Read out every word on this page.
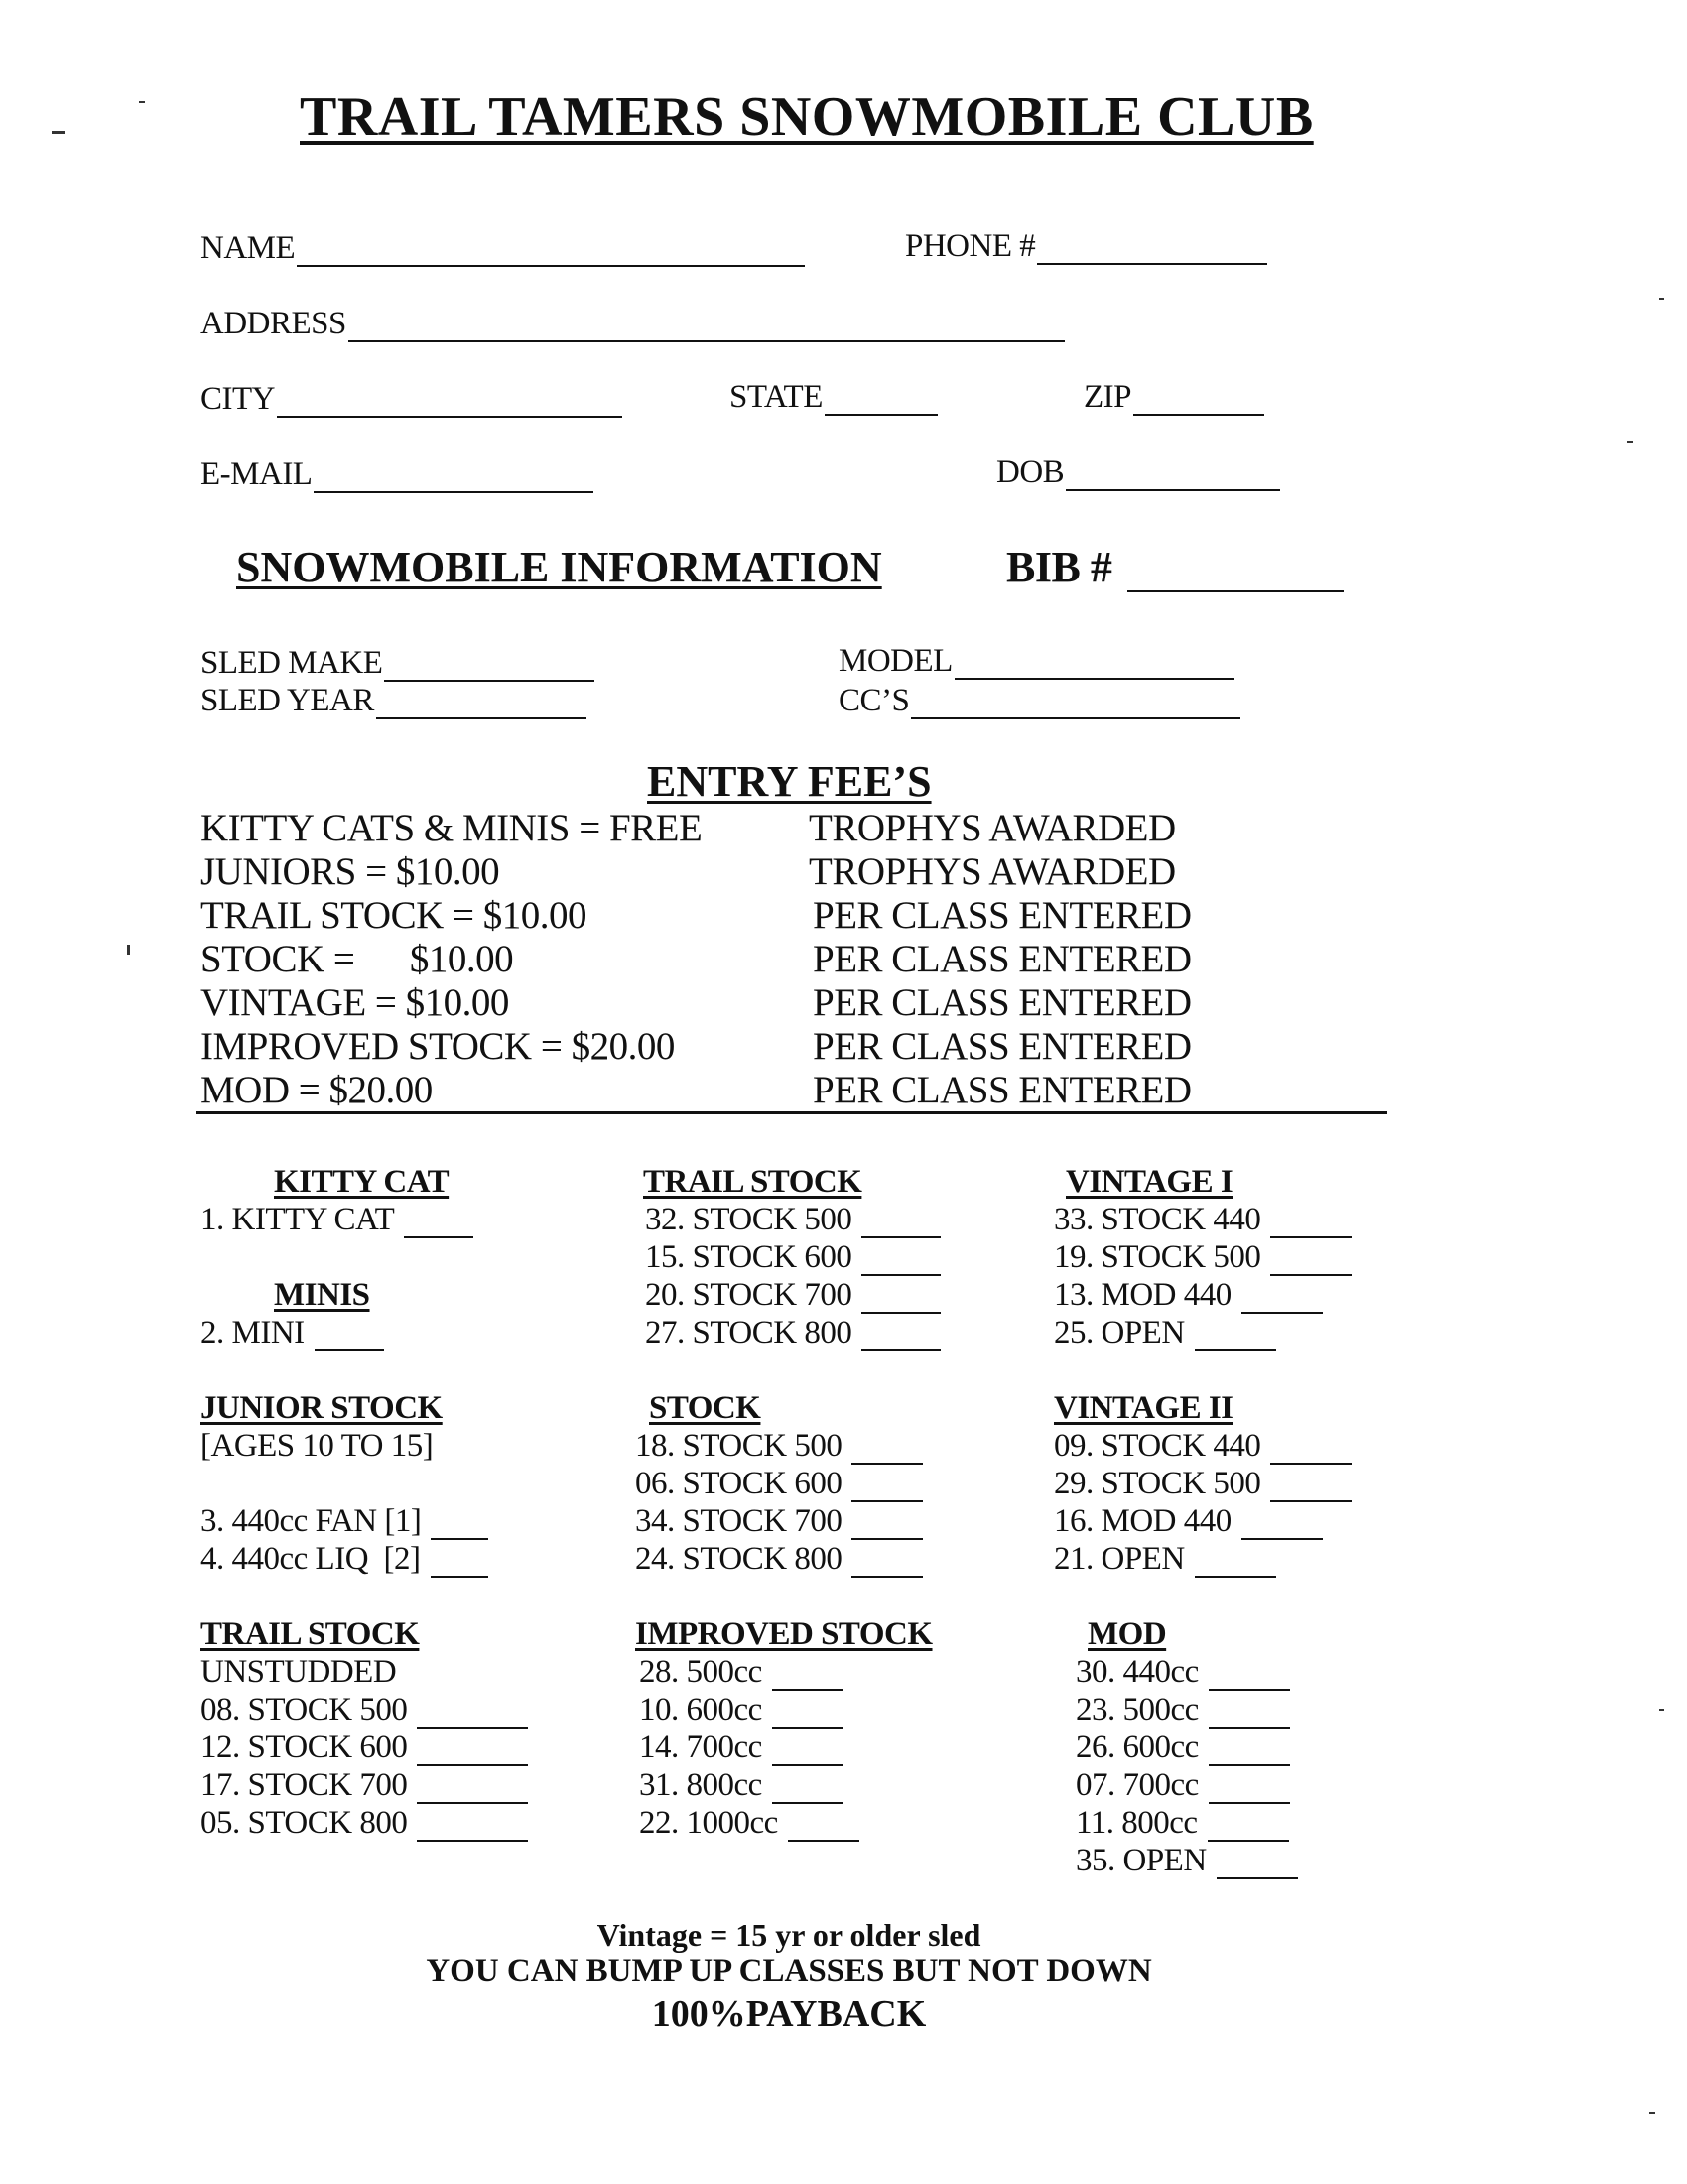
TRAIL TAMERS SNOWMOBILE CLUB
NAME	PHONE #
ADDRESS
CITY	STATE	ZIP
E-MAIL	DOB
SNOWMOBILE INFORMATION	BIB #
SLED MAKE
SLED YEAR
MODEL
CC’S
ENTRY FEE’S
KITTY CATS & MINIS = FREE	TROPHYS AWARDED
JUNIORS = $10.00	TROPHYS AWARDED
TRAIL STOCK = $10.00	PER CLASS ENTERED
STOCK =      $10.00	PER CLASS ENTERED
VINTAGE = $10.00	PER CLASS ENTERED
IMPROVED STOCK = $20.00	PER CLASS ENTERED
MOD = $20.00	PER CLASS ENTERED
KITTY CAT
1. KITTY CAT
MINIS
2. MINI
JUNIOR STOCK
[AGES 10 TO 15]
3. 440cc FAN [1]
4. 440cc LIQ  [2]
TRAIL STOCK
UNSTUDDED
08. STOCK 500
12. STOCK 600
17. STOCK 700
05. STOCK 800
TRAIL STOCK
32. STOCK 500
15. STOCK 600
20. STOCK 700
27. STOCK 800
STOCK
18. STOCK 500
06. STOCK 600
34. STOCK 700
24. STOCK 800
IMPROVED STOCK
28. 500cc
10. 600cc
14. 700cc
31. 800cc
22. 1000cc
VINTAGE I
33. STOCK 440
19. STOCK 500
13. MOD 440
25. OPEN
VINTAGE II
09. STOCK 440
29. STOCK 500
16. MOD 440
21. OPEN
MOD
30. 440cc
23. 500cc
26. 600cc
07. 700cc
11. 800cc
35. OPEN
Vintage = 15 yr or older sled
YOU CAN BUMP UP CLASSES BUT NOT DOWN
100%PAYBACK
